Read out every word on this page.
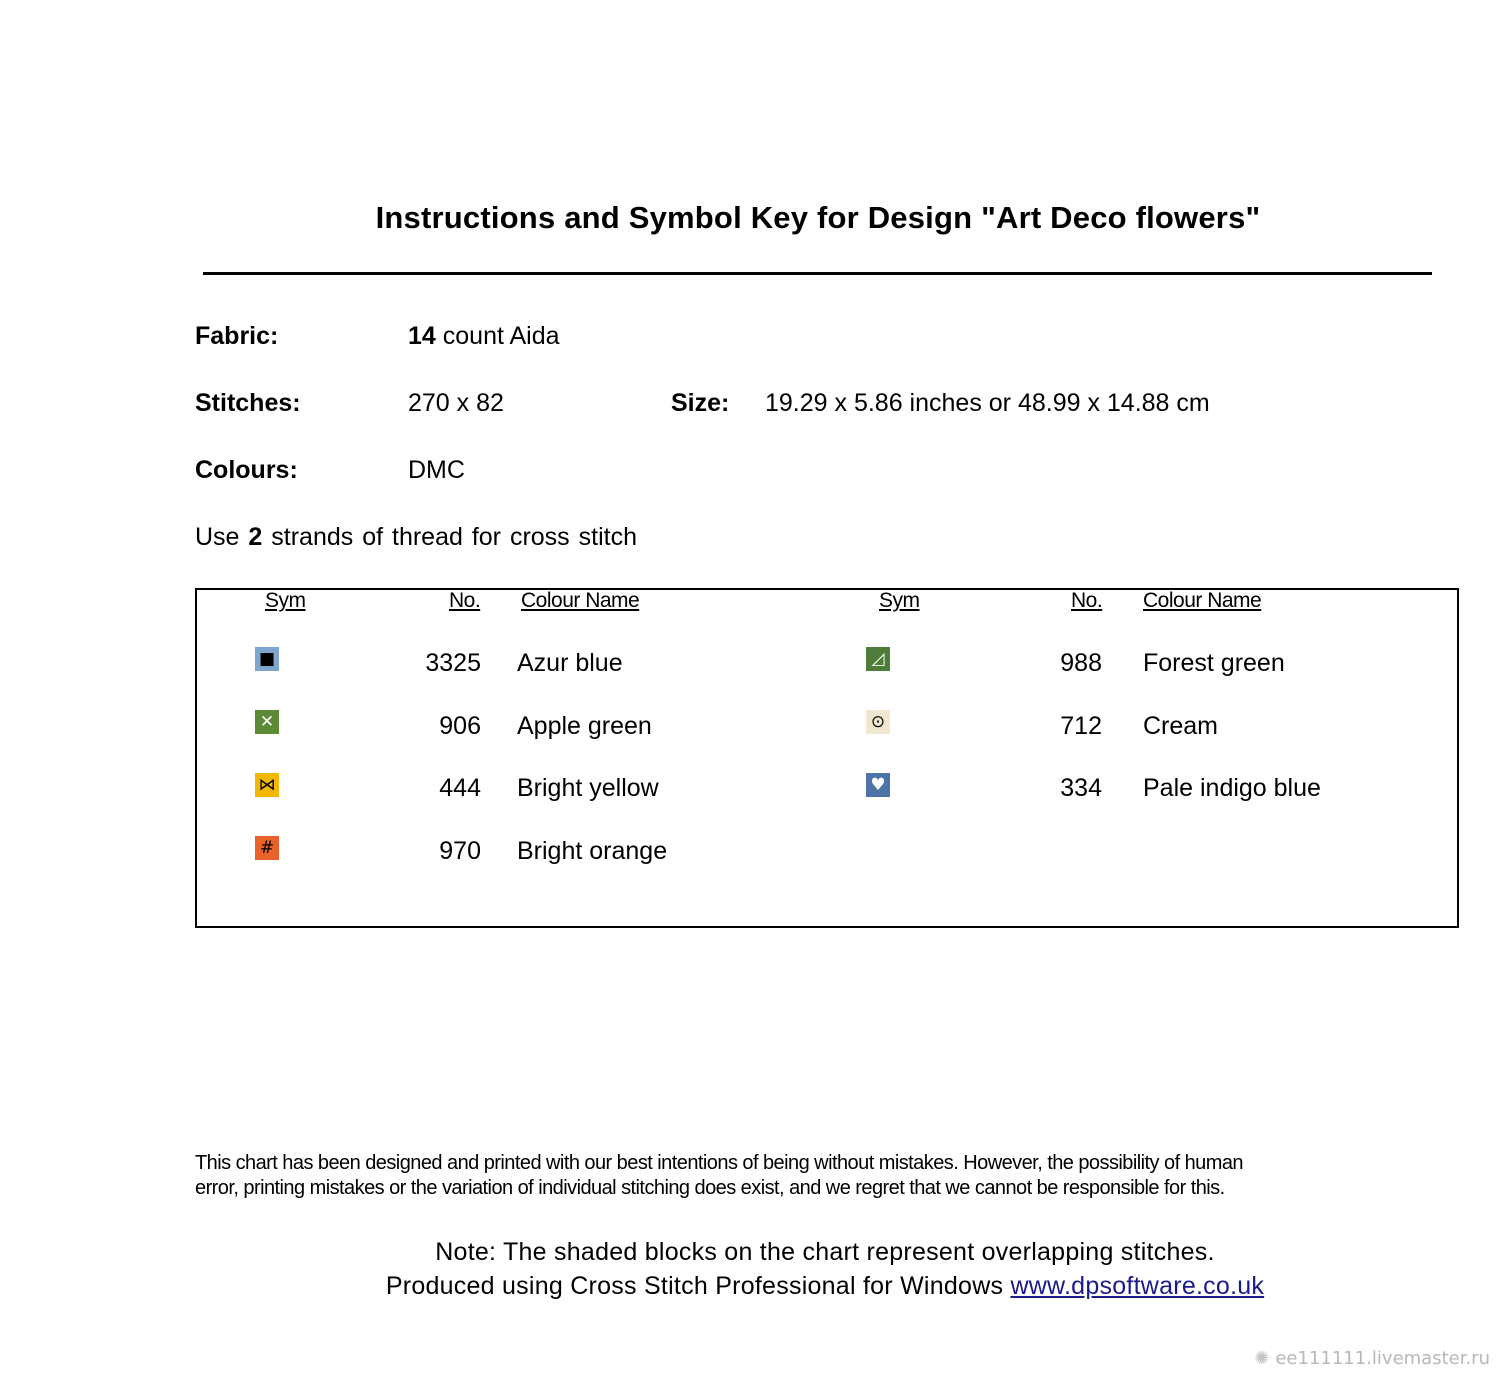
Instructions and Symbol Key for Design "Art Deco flowers"
Fabric:	14 count Aida
Stitches:	270 x 82	Size: 19.29 x 5.86 inches or 48.99 x 14.88 cm
Colours:	DMC
Use 2 strands of thread for cross stitch
Sym	No. Colour Name	Sym	No. Colour Name
■	3325 Azur blue
✕	906 Apple green
⋈	444 Bright yellow
#	970 Bright orange
◿	988 Forest green
⊙	712 Cream
♥	334 Pale indigo blue
This chart has been designed and printed with our best intentions of being without mistakes. However, the possibility of human
error, printing mistakes or the variation of individual stitching does exist, and we regret that we cannot be responsible for this.
Note: The shaded blocks on the chart represent overlapping stitches.
Produced using Cross Stitch Professional for Windows www.dpsoftware.co.uk
✺ ee111111.livemaster.ru
